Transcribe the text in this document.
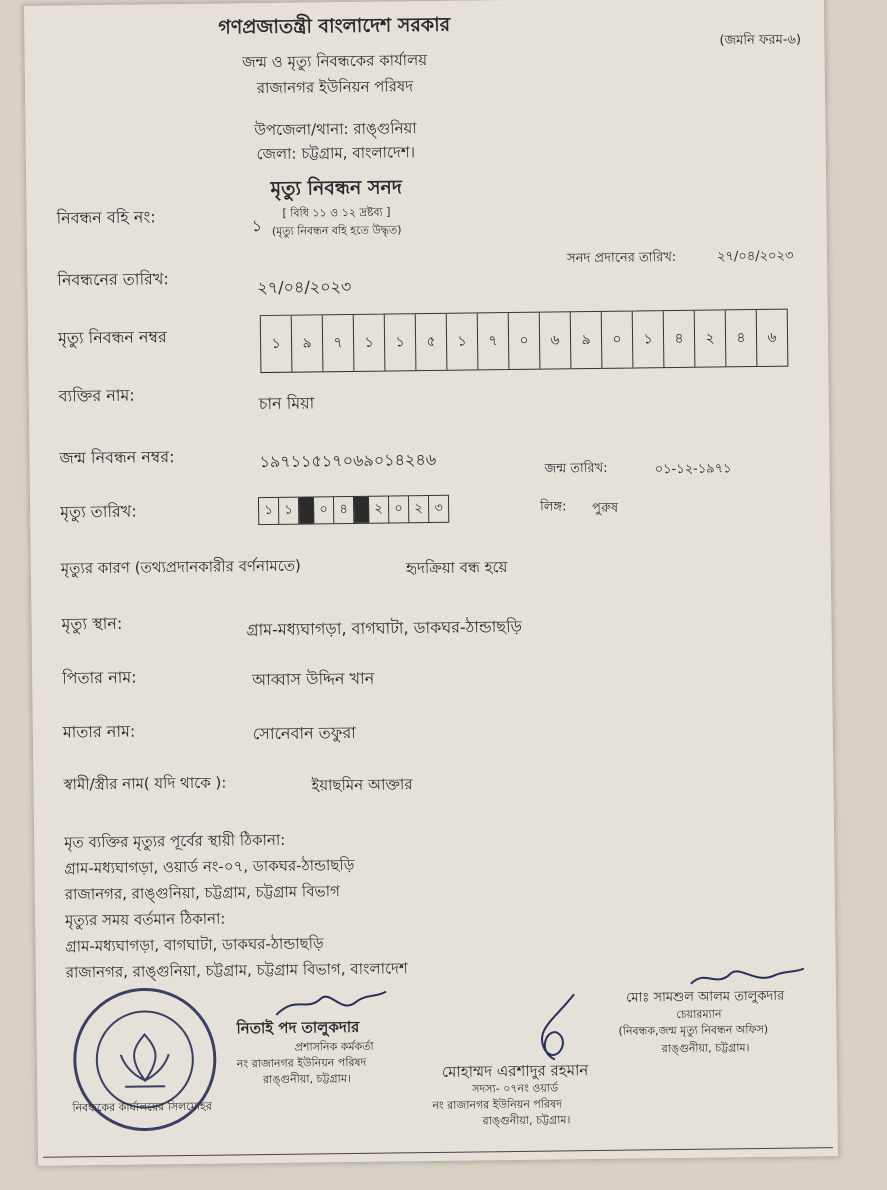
গণপ্রজাতন্ত্রী বাংলাদেশ সরকার
(জমনি ফরম-৬)
জন্ম ও মৃত্যু নিবন্ধকের কার্যালয়
রাজানগর ইউনিয়ন পরিষদ
উপজেলা/থানা: রাঙ্গুনিয়া
জেলা: চট্টগ্রাম, বাংলাদেশ।
মৃত্যু নিবন্ধন সনদ
[ বিধি ১১ ও ১২ দ্রষ্টব্য ]
(মৃত্যু নিবন্ধন বহি হতে উদ্ধৃত)
নিবন্ধন বহি নং:	১
সনদ প্রদানের তারিখ:	২৭/০৪/২০২৩
নিবন্ধনের তারিখ:	২৭/০৪/২০২৩
মৃত্যু নিবন্ধন নম্বর	১	৯	৭	১	১	৫	১	৭	০	৬	৯	০	১	৪	২	৪	৬
ব্যক্তির নাম:	চান মিয়া
জন্ম নিবন্ধন নম্বর:	১৯৭১১৫১৭০৬৯০১৪২৪৬	জন্ম তারিখ:	০১-১২-১৯৭১
মৃত্যু তারিখ:	১ ১	০ ৪	২ ০ ২ ৩	লিঙ্গ: পুরুষ
মৃত্যুর কারণ (তথ্যপ্রদানকারীর বর্ণনামতে)	হৃদক্রিয়া বন্ধ হয়ে
মৃত্যু স্থান:	গ্রাম-মধ্যঘাগড়া, বাগঘাটা, ডাকঘর-ঠান্ডাছড়ি
পিতার নাম:	আব্বাস উদ্দিন খান
মাতার নাম:	সোনেবান তফুরা
স্বামী/স্ত্রীর নাম( যদি থাকে ):	ইয়াছমিন আক্তার
মৃত ব্যক্তির মৃত্যুর পূর্বের স্থায়ী ঠিকানা:
গ্রাম-মধ্যঘাগড়া, ওয়ার্ড নং-০৭, ডাকঘর-ঠান্ডাছড়ি
রাজানগর, রাঙ্গুনিয়া, চট্টগ্রাম, চট্টগ্রাম বিভাগ
মৃত্যুর সময় বর্তমান ঠিকানা:
গ্রাম-মধ্যঘাগড়া, বাগঘাটা, ডাকঘর-ঠান্ডাছড়ি
রাজানগর, রাঙ্গুনিয়া, চট্টগ্রাম, চট্টগ্রাম বিভাগ, বাংলাদেশ
নিতাই পদ তালুকদার
প্রশাসনিক কর্মকর্তা
নং রাজানগর ইউনিয়ন পরিষদ
রাঙ্গুনীয়া, চট্টগ্রাম।
নিবন্ধকের কার্যালয়ের সিলমোহর
মোহাম্মদ এরশাদুর রহমান
সদস্য- ০৭নং ওয়ার্ড
নং রাজানগর ইউনিয়ন পরিষদ
রাঙ্গুনীয়া, চট্টগ্রাম।
মোঃ সামশুল আলম তালুকদার
চেয়ারম্যান
(নিবন্ধক,জন্ম মৃত্যু নিবন্ধন অফিস)
রাঙ্গুনীয়া, চট্টগ্রাম।
